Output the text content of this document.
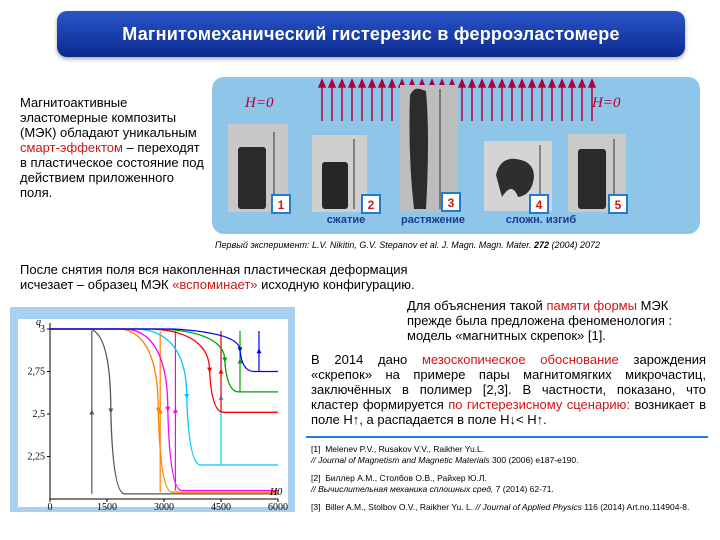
Магнитомеханический гистерезис в ферроэластомере
Магнитоактивные эластомерные композиты (МЭК) обладают уникальным смарт-эффектом – переходят в пластическое состояние под действием приложенного поля.
H=0	H=0
1	2	3	4	5
сжатие	растяжение	сложн. изгиб
Первый эксперимент: L.V. Nikitin, G.V. Stepanov et al. J. Magn. Magn. Mater. 272 (2004) 2072
После снятия поля вся накопленная пластическая деформация исчезает – образец МЭК «вспоминает» исходную конфигурацию.
Для объяснения такой памяти формы МЭК прежде была предложена феноменология : модель «магнитных скрепок» [1].
В 2014 дано мезоскопическое обоснование зарождения «скрепок» на примере пары магнитомягких микрочастиц, заключённых в полимер [2,3]. В частности, показано, что кластер формируется по гистерезисному сценарию: возникает в поле H↑, а распадается в поле H↓< H↑.
[1] Melenev P.V., Rusakov V.V., Raikher Yu.L.
// Journal of Magnetism and Magnetic Materials 300 (2006) e187-e190.
[2] Биллер А.М., Столбов О.В., Райхер Ю.Л.
// Вычислительная механика сплошных сред, 7 (2014) 62-71.
[3] Biller A.M., Stolbov O.V., Raikher Yu. L. // Journal of Applied Physics 116 (2014) Art.no.114904-8.
0	1500	3000	4500	6000
2,25
2,5
2,75
3
q
H0
